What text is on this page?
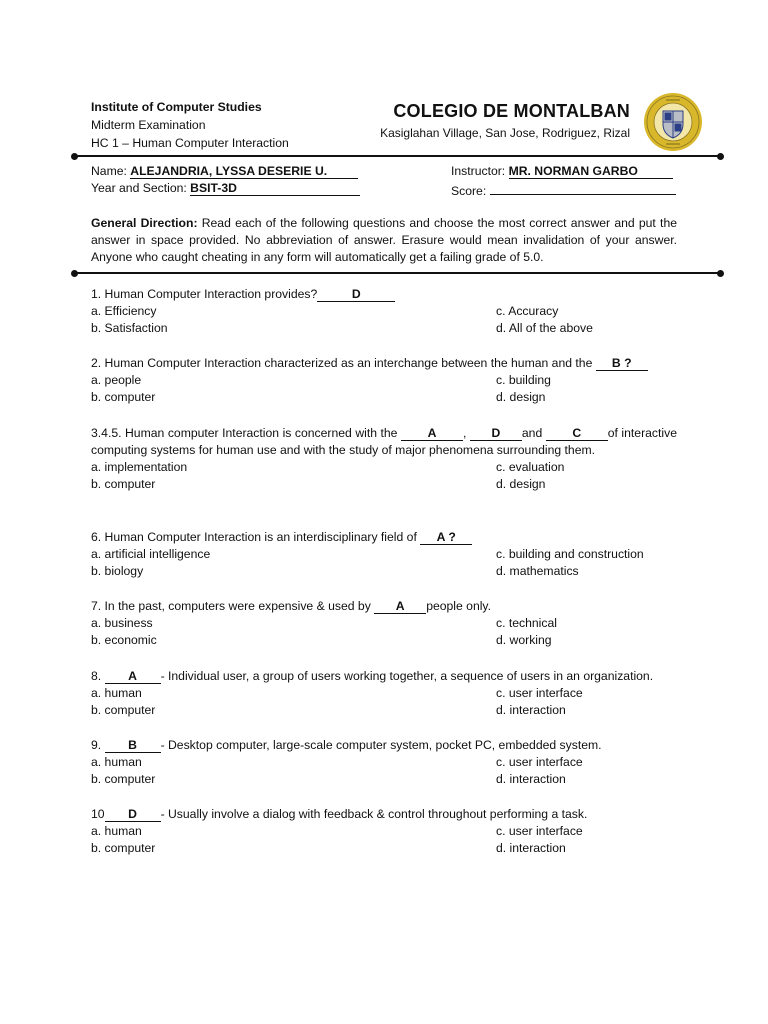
Institute of Computer Studies
Midterm Examination
HC 1 – Human Computer Interaction
COLEGIO DE MONTALBAN
Kasiglahan Village, San Jose, Rodriguez, Rizal
Name: ALEJANDRIA, LYSSA DESERIE U.
Year and Section: BSIT-3D
Instructor: MR. NORMAN GARBO
Score:
General Direction: Read each of the following questions and choose the most correct answer and put the answer in space provided. No abbreviation of answer. Erasure would mean invalidation of your answer. Anyone who caught cheating in any form will automatically get a failing grade of 5.0.
1. Human Computer Interaction provides?	D
a. Efficiency
b. Satisfaction
c. Accuracy
d. All of the above
2. Human Computer Interaction characterized as an interchange between the human and the B ?
a. people
b. computer
c. building
d. design
3.4.5. Human computer Interaction is concerned with the A , D and C of interactive computing systems for human use and with the study of major phenomena surrounding them.
a. implementation
b. computer
c. evaluation
d. design
6. Human Computer Interaction is an interdisciplinary field of A ?
a. artificial intelligence
b. biology
c. building and construction
d. mathematics
7. In the past, computers were expensive & used by A people only.
a. business
b. economic
c. technical
d. working
8. A - Individual user, a group of users working together, a sequence of users in an organization.
a. human
b. computer
c. user interface
d. interaction
9. B - Desktop computer, large-scale computer system, pocket PC, embedded system.
a. human
b. computer
c. user interface
d. interaction
10 D - Usually involve a dialog with feedback & control throughout performing a task.
a. human
b. computer
c. user interface
d. interaction
